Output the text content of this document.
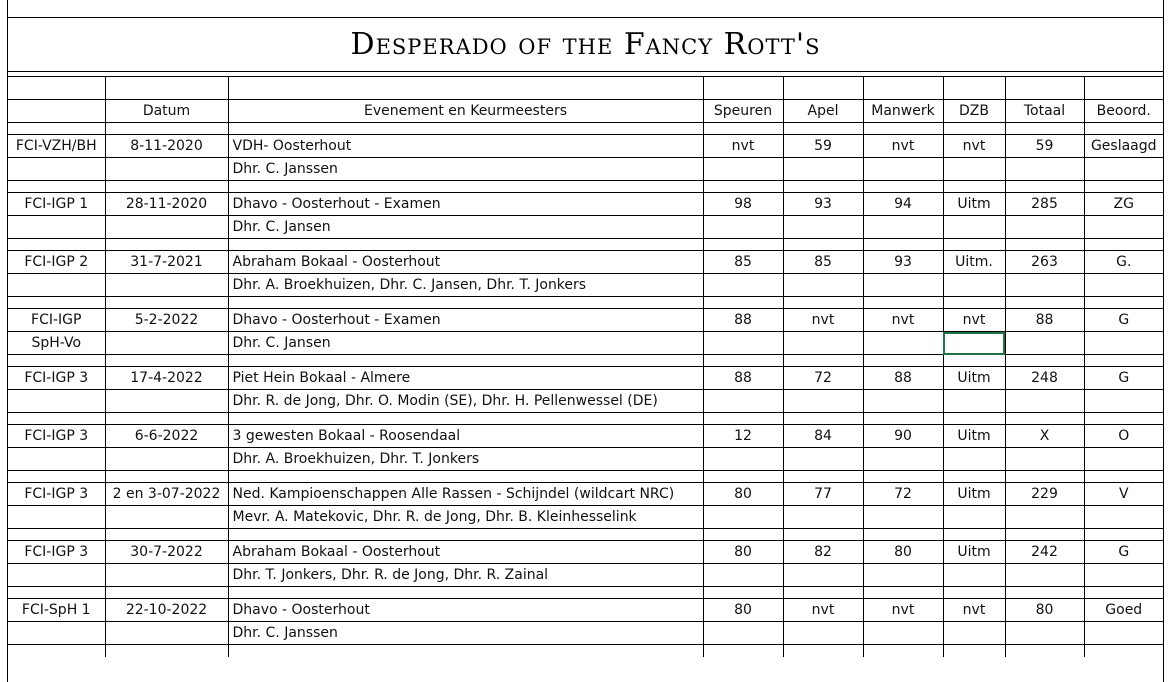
Desperado of the Fancy Rott's

	Datum	Evenement en Keurmeesters	Speuren	Apel	Manwerk	DZB	Totaal	Beoord.

FCI-VZH/BH	8-11-2020	VDH- Oosterhout	nvt	59	nvt	nvt	59	Geslaagd
		Dhr. C. Janssen						

FCI-IGP 1	28-11-2020	Dhavo - Oosterhout - Examen	98	93	94	Uitm	285	ZG
		Dhr. C. Jansen						

FCI-IGP 2	31-7-2021	Abraham Bokaal - Oosterhout	85	85	93	Uitm.	263	G.
		Dhr. A. Broekhuizen, Dhr. C. Jansen, Dhr. T. Jonkers						

FCI-IGP	5-2-2022	Dhavo - Oosterhout - Examen	88	nvt	nvt	nvt	88	G
SpH-Vo		Dhr. C. Jansen						

FCI-IGP 3	17-4-2022	Piet Hein Bokaal - Almere	88	72	88	Uitm	248	G
		Dhr. R. de Jong, Dhr. O. Modin (SE), Dhr. H. Pellenwessel (DE)						

FCI-IGP 3	6-6-2022	3 gewesten Bokaal - Roosendaal	12	84	90	Uitm	X	O
		Dhr. A. Broekhuizen, Dhr. T. Jonkers						

FCI-IGP 3	2 en 3-07-2022	Ned. Kampioenschappen Alle Rassen - Schijndel (wildcart NRC)	80	77	72	Uitm	229	V
		Mevr. A. Matekovic, Dhr. R. de Jong, Dhr. B. Kleinhesselink						

FCI-IGP 3	30-7-2022	Abraham Bokaal - Oosterhout	80	82	80	Uitm	242	G
		Dhr. T. Jonkers, Dhr. R. de Jong, Dhr. R. Zainal						

FCI-SpH 1	22-10-2022	Dhavo - Oosterhout	80	nvt	nvt	nvt	80	Goed
		Dhr. C. Janssen						
